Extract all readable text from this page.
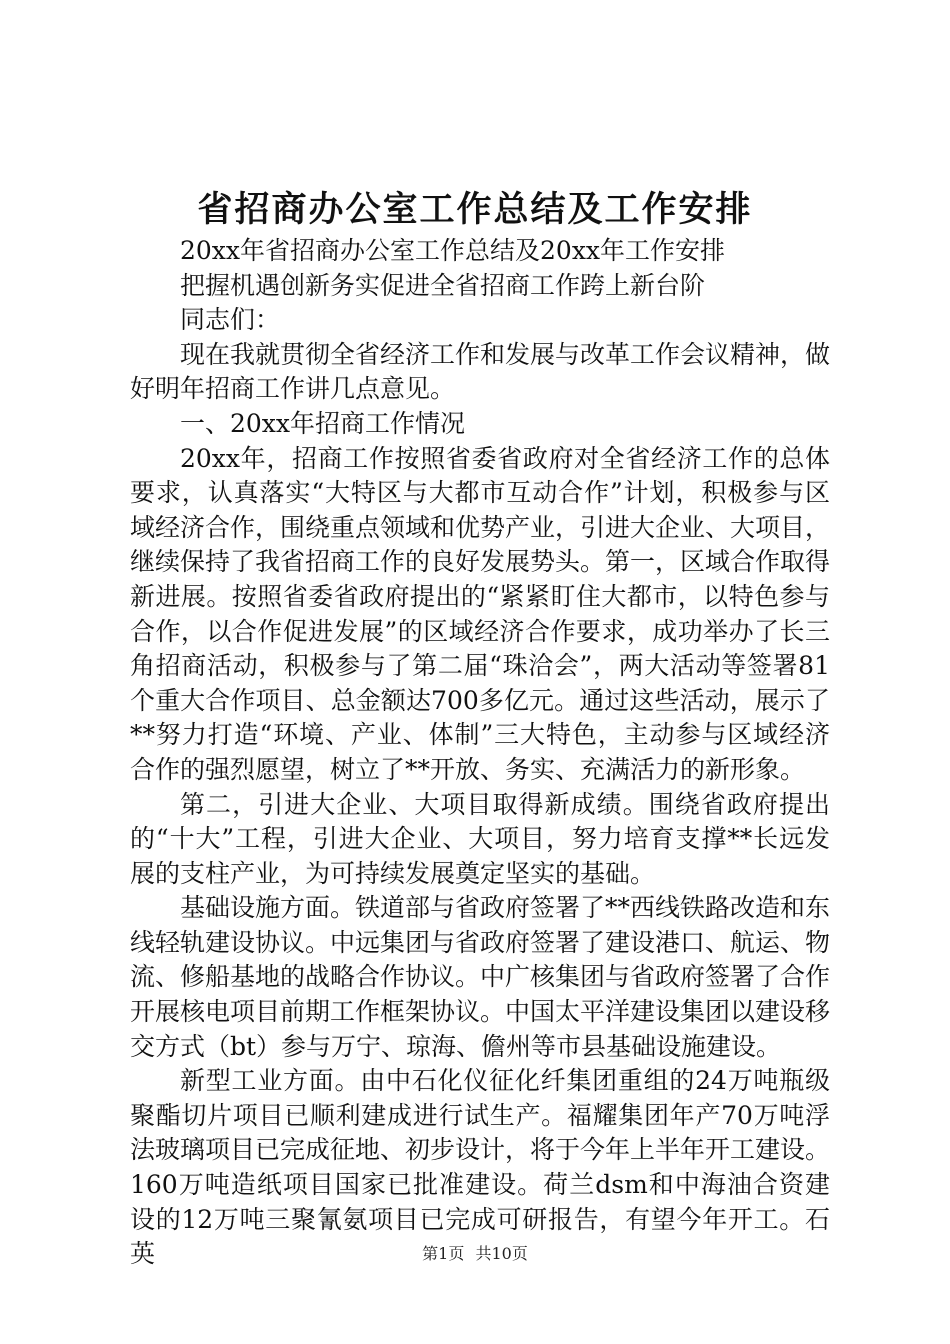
省招商办公室工作总结及工作安排

20xx年省招商办公室工作总结及20xx年工作安排

把握机遇创新务实促进全省招商工作跨上新台阶

同志们：

现在我就贯彻全省经济工作和发展与改革工作会议精神，做好明年招商工作讲几点意见。

一、20xx年招商工作情况

20xx年，招商工作按照省委省政府对全省经济工作的总体要求，认真落实“大特区与大都市互动合作”计划，积极参与区域经济合作，围绕重点领域和优势产业，引进大企业、大项目，继续保持了我省招商工作的良好发展势头。第一，区域合作取得新进展。按照省委省政府提出的“紧紧盯住大都市，以特色参与合作，以合作促进发展”的区域经济合作要求，成功举办了长三角招商活动，积极参与了第二届“珠洽会”，两大活动等签署81个重大合作项目、总金额达700多亿元。通过这些活动，展示了**努力打造“环境、产业、体制”三大特色，主动参与区域经济合作的强烈愿望，树立了**开放、务实、充满活力的新形象。

第二，引进大企业、大项目取得新成绩。围绕省政府提出的“十大”工程，引进大企业、大项目，努力培育支撑**长远发展的支柱产业，为可持续发展奠定坚实的基础。

基础设施方面。铁道部与省政府签署了**西线铁路改造和东线轻轨建设协议。中远集团与省政府签署了建设港口、航运、物流、修船基地的战略合作协议。中广核集团与省政府签署了合作开展核电项目前期工作框架协议。中国太平洋建设集团以建设移交方式（bt）参与万宁、琼海、儋州等市县基础设施建设。

新型工业方面。由中石化仪征化纤集团重组的24万吨瓶级聚酯切片项目已顺利建成进行试生产。福耀集团年产70万吨浮法玻璃项目已完成征地、初步设计，将于今年上半年开工建设。160万吨造纸项目国家已批准建设。荷兰dsm和中海油合资建设的12万吨三聚氰氨项目已完成可研报告，有望今年开工。石英	第1页 共10页
